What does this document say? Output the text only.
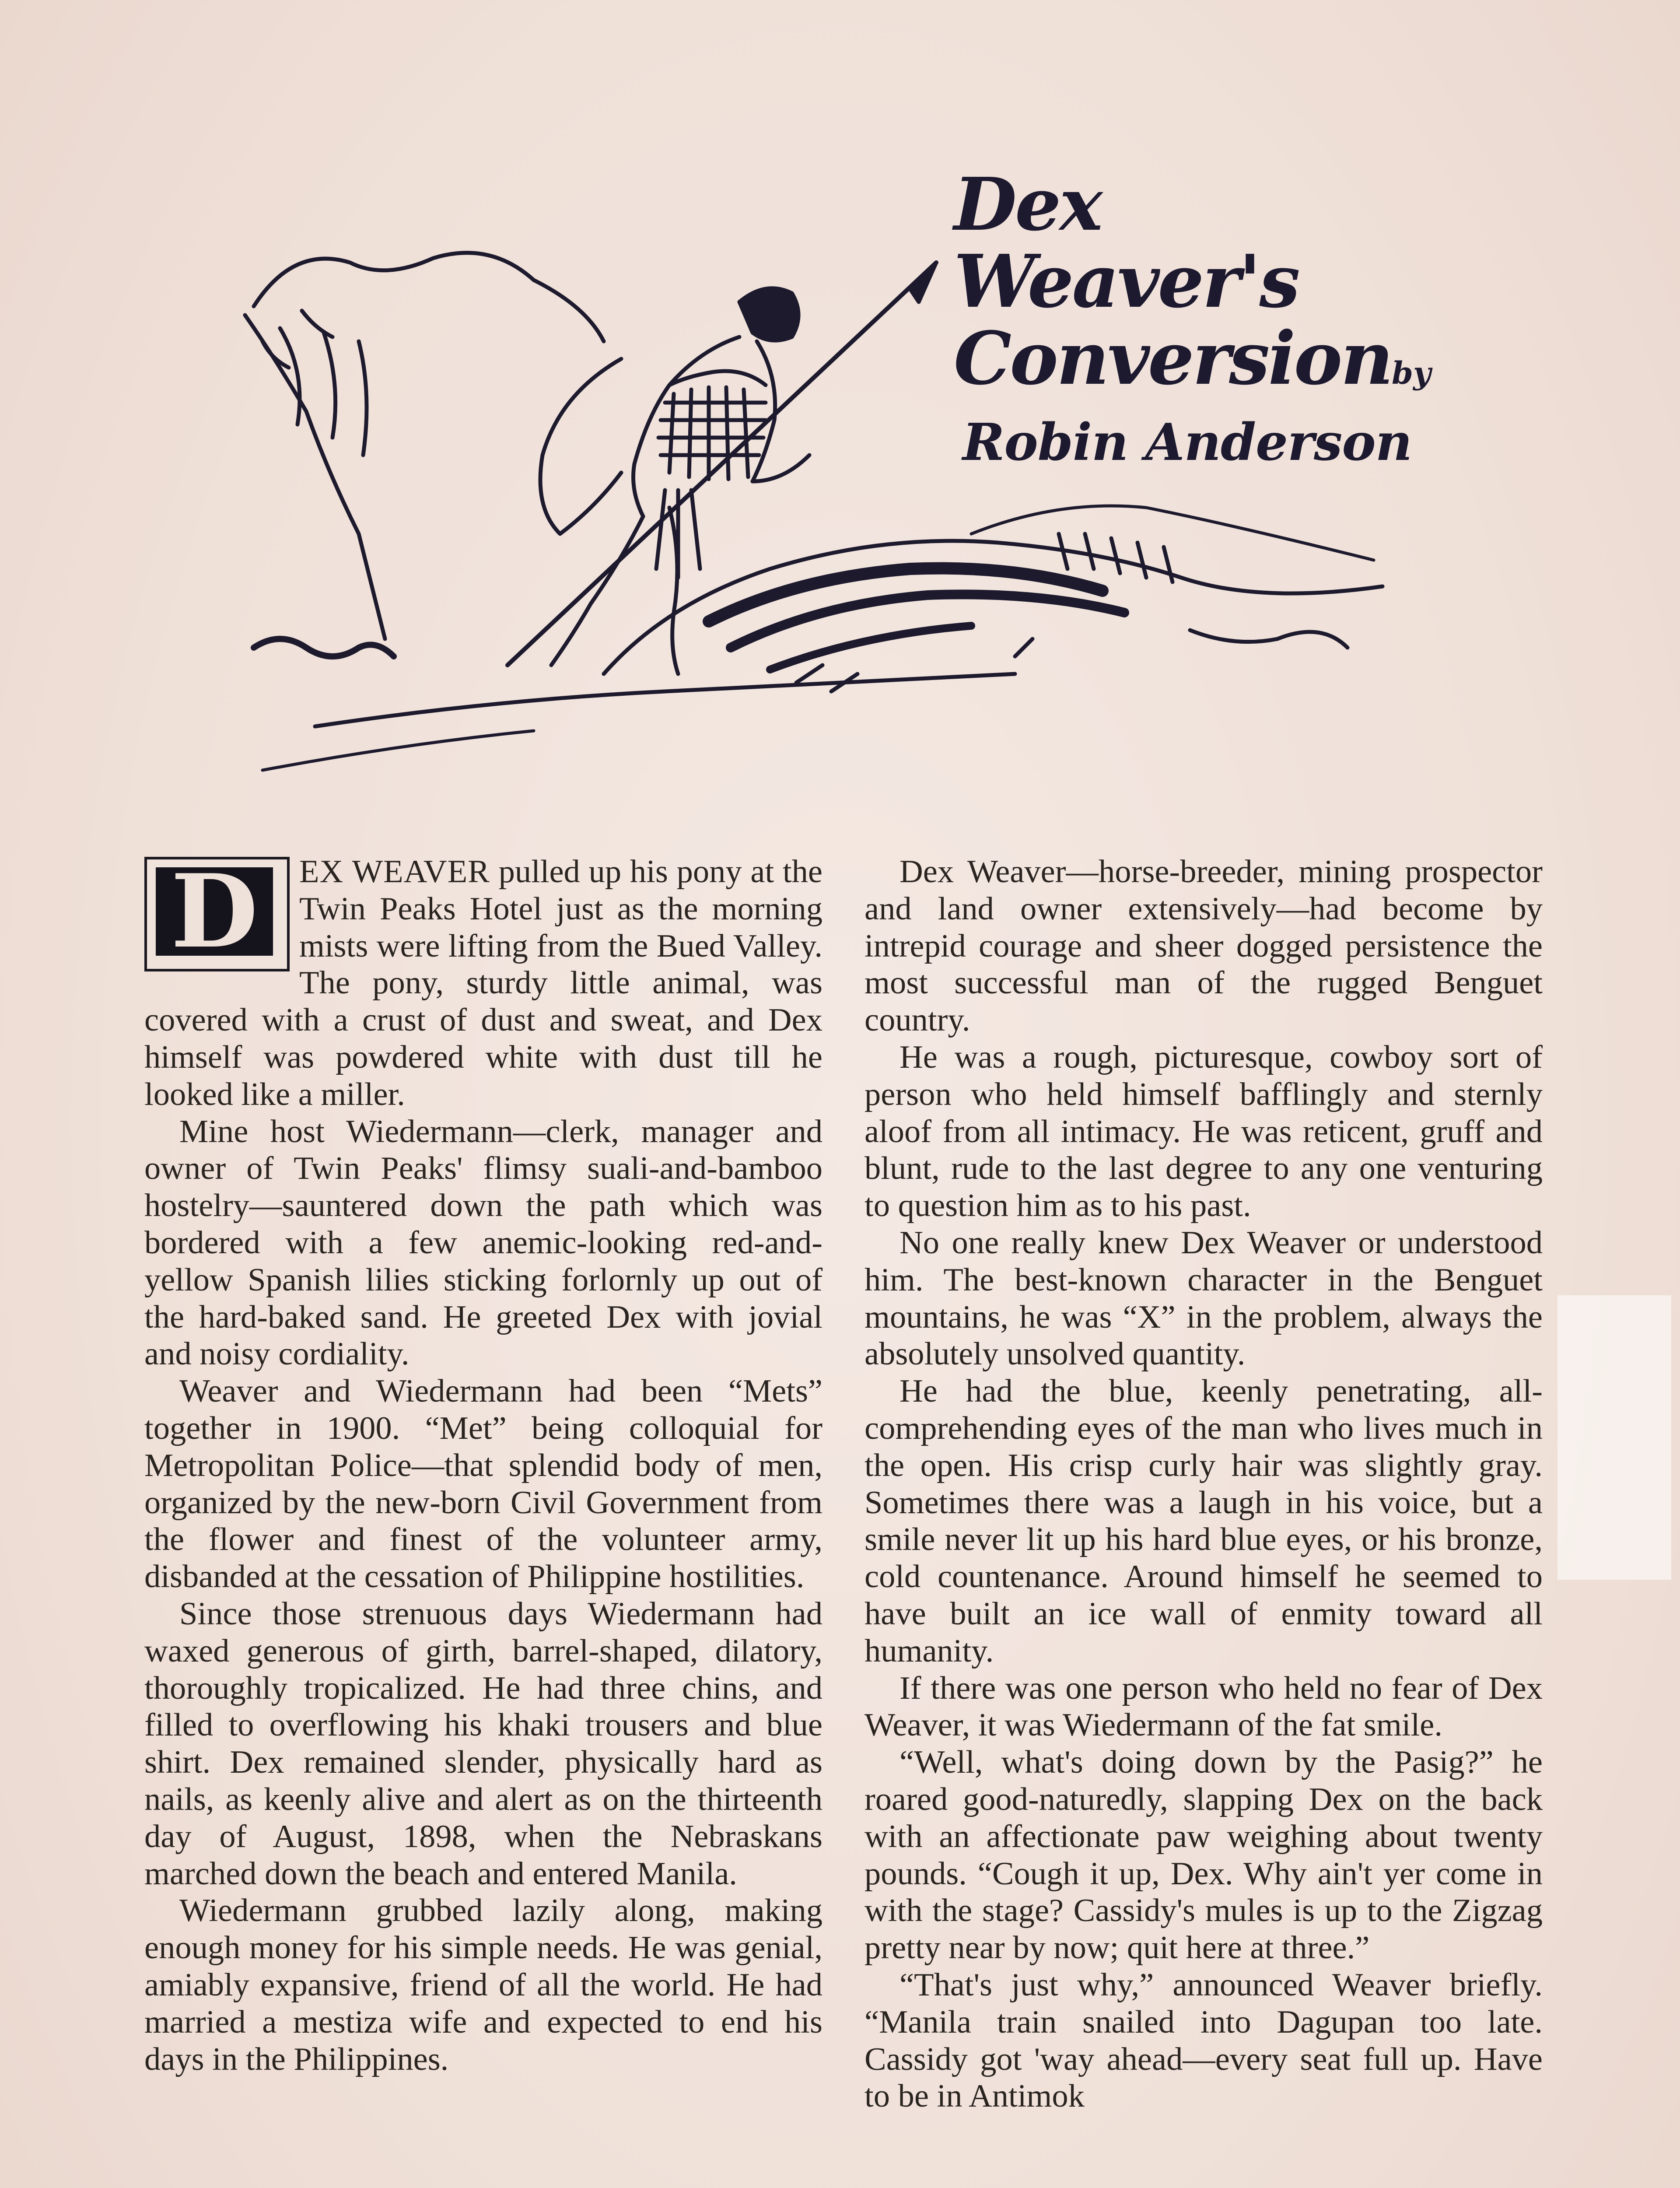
Dex Weaver's
Conversionby
Robin Anderson
D	EX WEAVER pulled up his pony at the Twin Peaks Hotel just as the morning mists were lifting from the Bued Valley. The pony, sturdy little animal, was covered with a crust of dust and sweat, and Dex himself was powdered white with dust till he looked like a miller.

Mine host Wiedermann—clerk, manager and owner of Twin Peaks' flimsy suali-and-bamboo hostelry—sauntered down the path which was bordered with a few anemic-looking red-and-yellow Spanish lilies sticking forlornly up out of the hard-baked sand. He greeted Dex with jovial and noisy cordiality.

Weaver and Wiedermann had been “Mets” together in 1900. “Met” being colloquial for Metropolitan Police—that splendid body of men, organized by the new-born Civil Government from the flower and finest of the volunteer army, disbanded at the cessation of Philippine hostilities.

Since those strenuous days Wiedermann had waxed generous of girth, barrel-shaped, dilatory, thoroughly tropicalized. He had three chins, and filled to overflowing his khaki trousers and blue shirt. Dex remained slender, physically hard as nails, as keenly alive and alert as on the thirteenth day of August, 1898, when the Nebraskans marched down the beach and entered Manila.

Wiedermann grubbed lazily along, making enough money for his simple needs. He was genial, amiably expansive, friend of all the world. He had married a mestiza wife and expected to end his days in the Philippines.

Dex Weaver—horse-breeder, mining prospector and land owner extensively—had become by intrepid courage and sheer dogged persistence the most successful man of the rugged Benguet country.

He was a rough, picturesque, cowboy sort of person who held himself bafflingly and sternly aloof from all intimacy. He was reticent, gruff and blunt, rude to the last degree to any one venturing to question him as to his past.

No one really knew Dex Weaver or understood him. The best-known character in the Benguet mountains, he was “X” in the problem, always the absolutely unsolved quantity.

He had the blue, keenly penetrating, all-comprehending eyes of the man who lives much in the open. His crisp curly hair was slightly gray. Sometimes there was a laugh in his voice, but a smile never lit up his hard blue eyes, or his bronze, cold countenance. Around himself he seemed to have built an ice wall of enmity toward all humanity.

If there was one person who held no fear of Dex Weaver, it was Wiedermann of the fat smile.

“Well, what's doing down by the Pasig?” he roared good-naturedly, slapping Dex on the back with an affectionate paw weighing about twenty pounds. “Cough it up, Dex. Why ain't yer come in with the stage? Cassidy's mules is up to the Zigzag pretty near by now; quit here at three.”

“That's just why,” announced Weaver briefly. “Manila train snailed into Dagupan too late. Cassidy got 'way ahead—every seat full up. Have to be in Antimok
